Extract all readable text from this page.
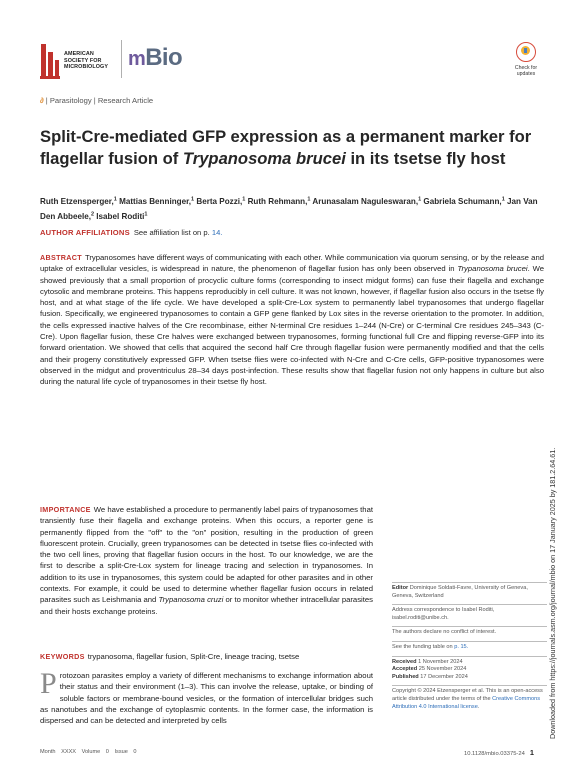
AMERICAN
SOCIETY FOR
MICROBIOLOGY mBio	Check for
updates
∂ | Parasitology | Research Article
Split-Cre-mediated GFP expression as a permanent marker for flagellar fusion of Trypanosoma brucei in its tsetse fly host
Ruth Etzensperger,$^1$ Mattias Benninger,$^1$ Berta Pozzi,$^1$ Ruth Rehmann,$^1$ Arunasalam Naguleswaran,$^1$ Gabriela Schumann,$^1$ Jan Van Den Abbeele,$^2$ Isabel Roditi$^1$
AUTHOR AFFILIATIONS See affiliation list on p. 14.
ABSTRACT Trypanosomes have different ways of communicating with each other. While communication via quorum sensing, or by the release and uptake of extracellular vesicles, is widespread in nature, the phenomenon of flagellar fusion has only been observed in Trypanosoma brucei. We showed previously that a small proportion of procyclic culture forms (corresponding to insect midgut forms) can fuse their flagella and exchange cytosolic and membrane proteins. This happens reproducibly in cell culture. It was not known, however, if flagellar fusion also occurs in the tsetse fly host, and at what stage of the life cycle. We have developed a split-Cre-Lox system to permanently label trypanosomes that undergo flagellar fusion. Specifically, we engineered trypanosomes to contain a GFP gene flanked by Lox sites in the reverse orientation to the promoter. In addition, the cells expressed inactive halves of the Cre recombinase, either N-terminal Cre residues 1–244 (N-Cre) or C-terminal Cre residues 245–343 (C-Cre). Upon flagellar fusion, these Cre halves were exchanged between trypanosomes, forming functional full Cre and flipping reverse-GFP into its forward orientation. We showed that cells that acquired the second half Cre through flagellar fusion were permanently modified and that the cells and their progeny constitutively expressed GFP. When tsetse flies were co-infected with N-Cre and C-Cre cells, GFP-positive trypanosomes were observed in the midgut and proventriculus 28–34 days post-infection. These results show that flagellar fusion not only happens in culture but also during the natural life cycle of trypanosomes in their tsetse fly host.
IMPORTANCE We have established a procedure to permanently label pairs of trypanosomes that transiently fuse their flagella and exchange proteins. When this occurs, a reporter gene is permanently flipped from the "off" to the "on" position, resulting in the production of green fluorescent protein. Crucially, green trypanosomes can be detected in tsetse flies co-infected with the two cell lines, proving that flagellar fusion occurs in the host. To our knowledge, we are the first to describe a split-Cre-Lox system for lineage tracing and selection in trypanosomes. In addition to its use in trypanosomes, this system could be adapted for other parasites and in other contexts. For example, it could be used to determine whether flagellar fusion occurs in related parasites such as Leishmania and Trypanosoma cruzi or to monitor whether intracellular parasites and their hosts exchange proteins.
KEYWORDS trypanosoma, flagellar fusion, Split-Cre, lineage tracing, tsetse
Editor Dominique Soldati-Favre, University of Geneva, Geneva, Switzerland
Address correspondence to Isabel Roditi, isabel.roditi@unibe.ch.
The authors declare no conflict of interest.
See the funding table on p. 15.
Received 1 November 2024
Accepted 25 November 2024
Published 17 December 2024
Copyright © 2024 Etzensperger et al. This is an open-access article distributed under the terms of the Creative Commons Attribution 4.0 International license.
Protozoan parasites employ a variety of different mechanisms to exchange information about their status and their environment (1–3). This can involve the release, uptake, or binding of soluble factors or membrane-bound vesicles, or the formation of intercellular bridges such as nanotubes and the exchange of cytoplasmic contents. In the former case, the information is dispersed and can be detected and interpreted by cells
Month XXXX Volume 0 Issue 0	10.1128/mbio.03375-24 1
Downloaded from https://journals.asm.org/journal/mbio on 17 January 2025 by 181.2.64.61.
